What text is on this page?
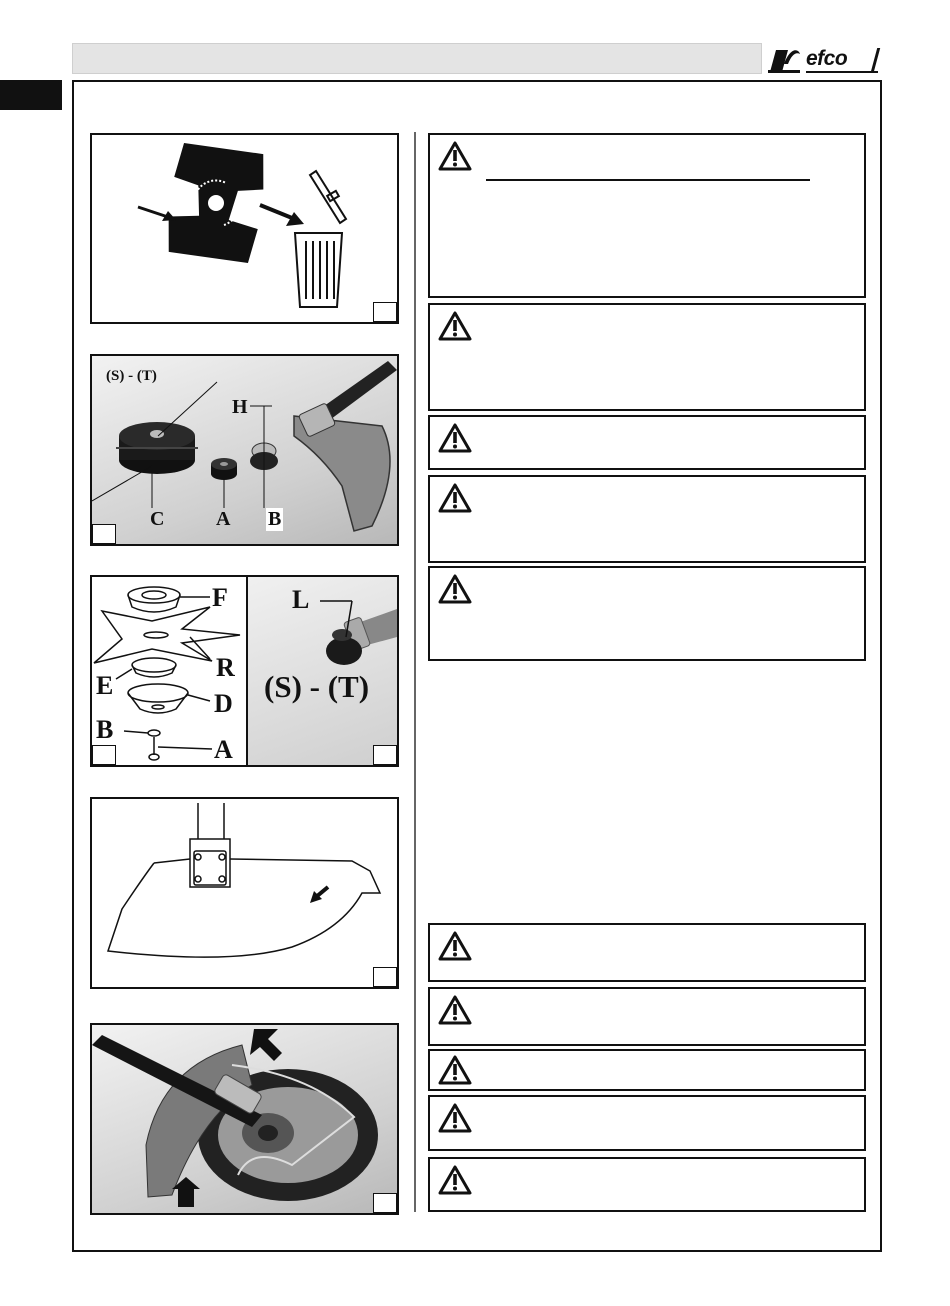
efco
(S) - (T)
H
C	A B
F
R
E
D
B
A
L
(S) - (T)
